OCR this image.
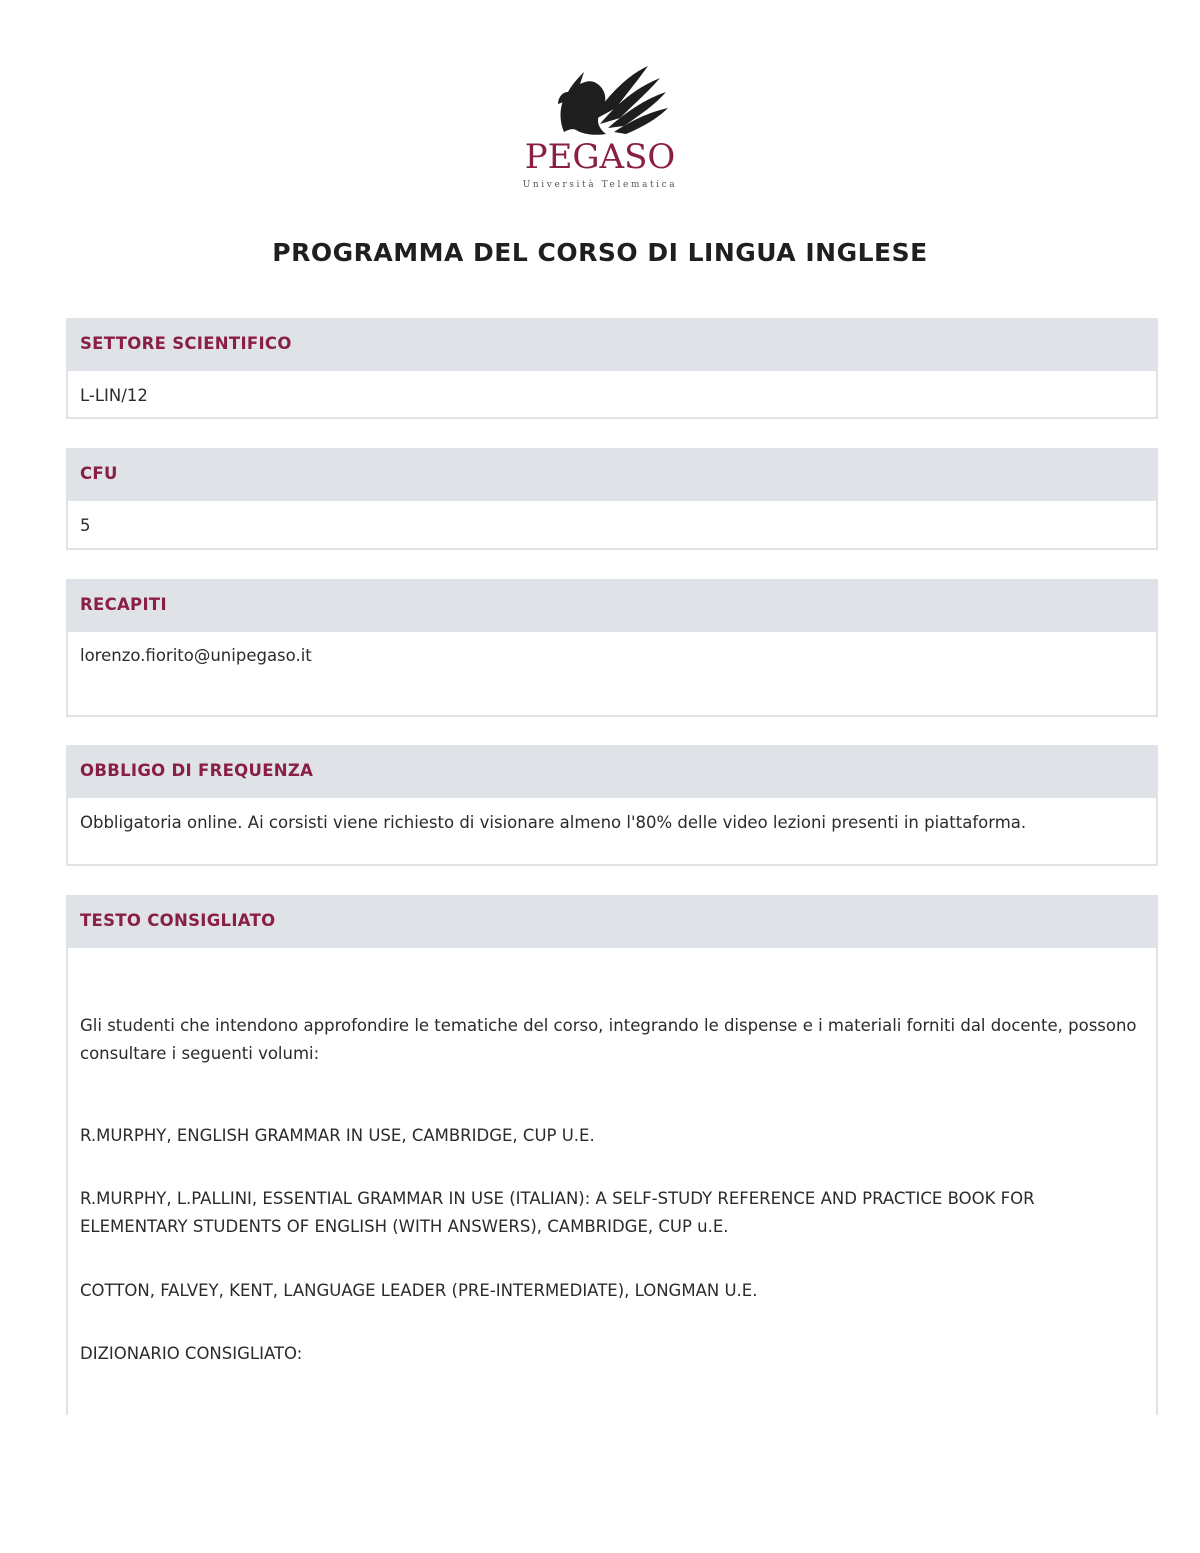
PEGASO
Università Telematica
PROGRAMMA DEL CORSO DI LINGUA INGLESE
SETTORE SCIENTIFICO
L-LIN/12
CFU
5
RECAPITI
lorenzo.fiorito@unipegaso.it
OBBLIGO DI FREQUENZA
Obbligatoria online. Ai corsisti viene richiesto di visionare almeno l'80% delle video lezioni presenti in piattaforma.
TESTO CONSIGLIATO

Gli studenti che intendono approfondire le tematiche del corso, integrando le dispense e i materiali forniti dal docente, possono consultare i seguenti volumi:

R.MURPHY, ENGLISH GRAMMAR IN USE, CAMBRIDGE, CUP U.E.

R.MURPHY, L.PALLINI, ESSENTIAL GRAMMAR IN USE (ITALIAN): A SELF-STUDY REFERENCE AND PRACTICE BOOK FOR ELEMENTARY STUDENTS OF ENGLISH (WITH ANSWERS), CAMBRIDGE, CUP u.E.

COTTON, FALVEY, KENT, LANGUAGE LEADER (PRE-INTERMEDIATE), LONGMAN U.E.

DIZIONARIO CONSIGLIATO:
